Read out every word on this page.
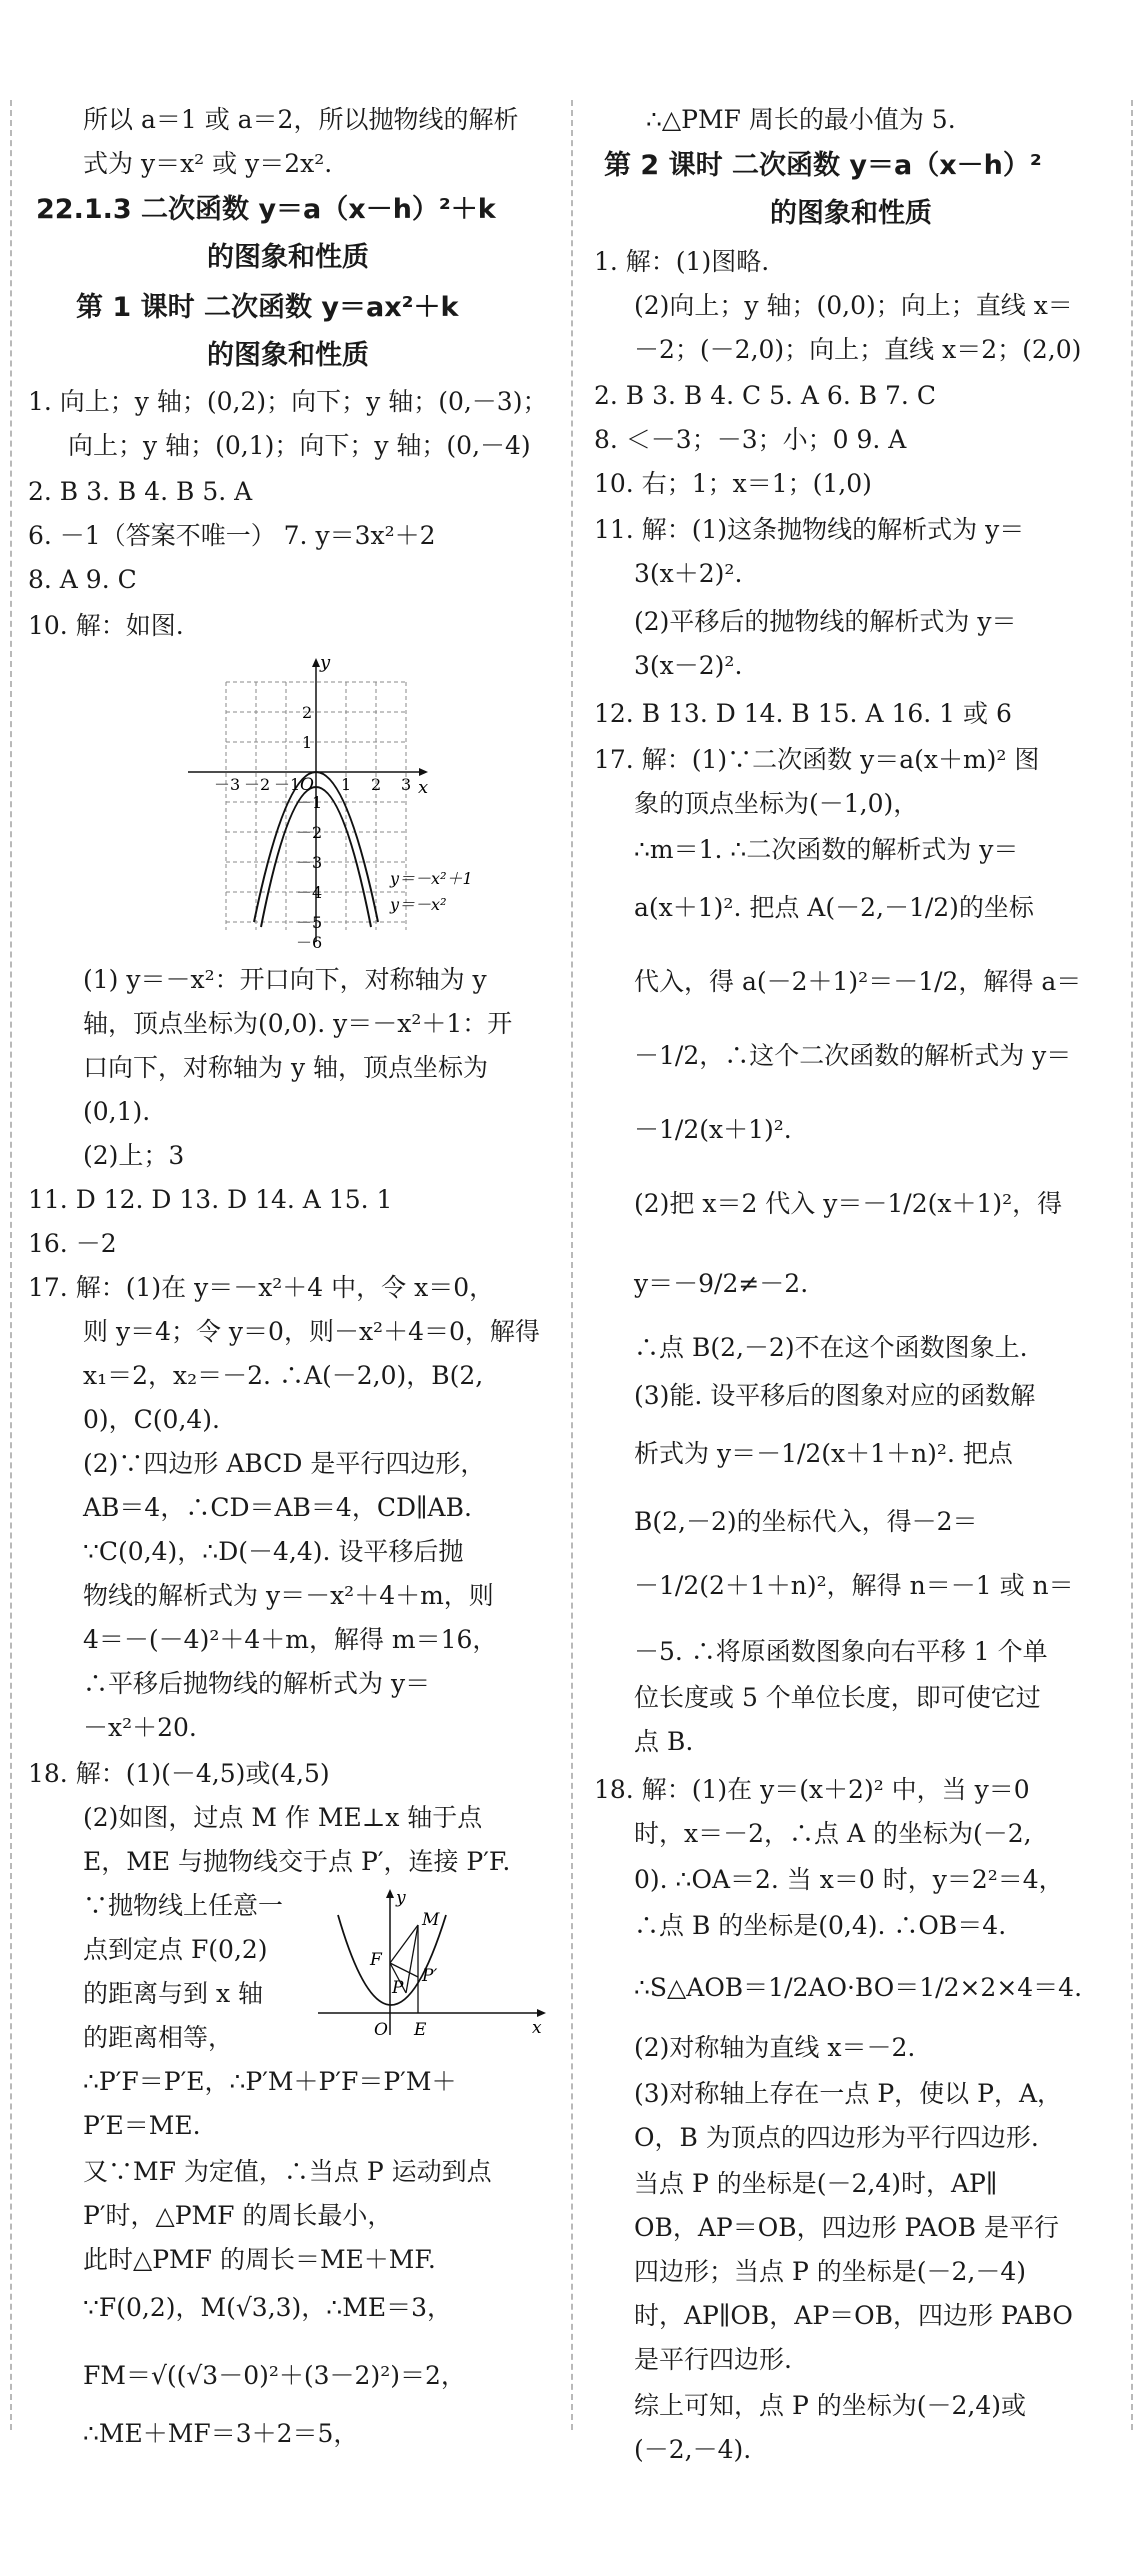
所以 a＝1 或 a＝2，所以抛物线的解析
式为 y＝x² 或 y＝2x².
22.1.3 二次函数 y＝a（x－h）²＋k
的图象和性质
第 1 课时 二次函数 y＝ax²＋k
的图象和性质
1. 向上；y 轴；(0,2)；向下；y 轴；(0,－3)；
向上；y 轴；(0,1)；向下；y 轴；(0,－4)
2. B 3. B 4. B 5. A
6. －1（答案不唯一） 7. y＝3x²＋2
8. A 9. C
10. 解：如图.
y
x
O
－3 －2 －1	1 2 3
2
1
－1
－2
－3
－4
－5
－6
y＝－x²＋1
y＝－x²
(1) y＝－x²：开口向下，对称轴为 y
轴，顶点坐标为(0,0). y＝－x²＋1：开
口向下，对称轴为 y 轴，顶点坐标为
(0,1).
(2)上；3
11. D 12. D 13. D 14. A 15. 1
16. －2
17. 解：(1)在 y＝－x²＋4 中，令 x＝0，
则 y＝4；令 y＝0，则－x²＋4＝0，解得
x₁＝2，x₂＝－2. ∴A(－2,0)，B(2,
0)，C(0,4).
(2)∵四边形 ABCD 是平行四边形，
AB＝4，∴CD＝AB＝4，CD∥AB.
∵C(0,4)，∴D(－4,4). 设平移后抛
物线的解析式为 y＝－x²＋4＋m，则
4＝－(－4)²＋4＋m，解得 m＝16，
∴平移后抛物线的解析式为 y＝
－x²＋20.
18. 解：(1)(－4,5)或(4,5)
(2)如图，过点 M 作 ME⊥x 轴于点
E，ME 与抛物线交于点 P′，连接 P′F.
∵抛物线上任意一
点到定点 F(0,2)
的距离与到 x 轴
的距离相等，
y
M
F
P′
P
O E	x
∴P′F＝P′E，∴P′M＋P′F＝P′M＋
P′E＝ME.
又∵MF 为定值，∴当点 P 运动到点
P′时，△PMF 的周长最小，
此时△PMF 的周长＝ME＋MF.
∵F(0,2)，M(√3,3)，∴ME＝3，
FM＝√((√3－0)²＋(3－2)²)＝2，
∴ME＋MF＝3＋2＝5，
∴△PMF 周长的最小值为 5.
第 2 课时 二次函数 y＝a（x－h）²
的图象和性质
1. 解：(1)图略.
(2)向上；y 轴；(0,0)；向上；直线 x＝
－2；(－2,0)；向上；直线 x＝2；(2,0)
2. B 3. B 4. C 5. A 6. B 7. C
8. ＜－3；－3；小；0 9. A
10. 右；1；x＝1；(1,0)
11. 解：(1)这条抛物线的解析式为 y＝
3(x＋2)².
(2)平移后的抛物线的解析式为 y＝
3(x－2)².
12. B 13. D 14. B 15. A 16. 1 或 6
17. 解：(1)∵二次函数 y＝a(x＋m)² 图
象的顶点坐标为(－1,0)，
∴m＝1. ∴二次函数的解析式为 y＝
a(x＋1)². 把点 A(－2,－1/2)的坐标
代入，得 a(－2＋1)²＝－1/2，解得 a＝
－1/2，∴这个二次函数的解析式为 y＝
－1/2(x＋1)².
(2)把 x＝2 代入 y＝－1/2(x＋1)²，得
y＝－9/2≠－2.
∴点 B(2,－2)不在这个函数图象上.
(3)能. 设平移后的图象对应的函数解
析式为 y＝－1/2(x＋1＋n)². 把点
B(2,－2)的坐标代入，得－2＝
－1/2(2＋1＋n)²，解得 n＝－1 或 n＝
－5. ∴将原函数图象向右平移 1 个单
位长度或 5 个单位长度，即可使它过
点 B.
18. 解：(1)在 y＝(x＋2)² 中，当 y＝0
时，x＝－2，∴点 A 的坐标为(－2,
0). ∴OA＝2. 当 x＝0 时，y＝2²＝4，
∴点 B 的坐标是(0,4). ∴OB＝4.
∴S△AOB＝1/2AO·BO＝1/2×2×4＝4.
(2)对称轴为直线 x＝－2.
(3)对称轴上存在一点 P，使以 P，A，
O，B 为顶点的四边形为平行四边形.
当点 P 的坐标是(－2,4)时，AP∥
OB，AP＝OB，四边形 PAOB 是平行
四边形；当点 P 的坐标是(－2,－4)
时，AP∥OB，AP＝OB，四边形 PABO
是平行四边形.
综上可知，点 P 的坐标为(－2,4)或
(－2,－4).
